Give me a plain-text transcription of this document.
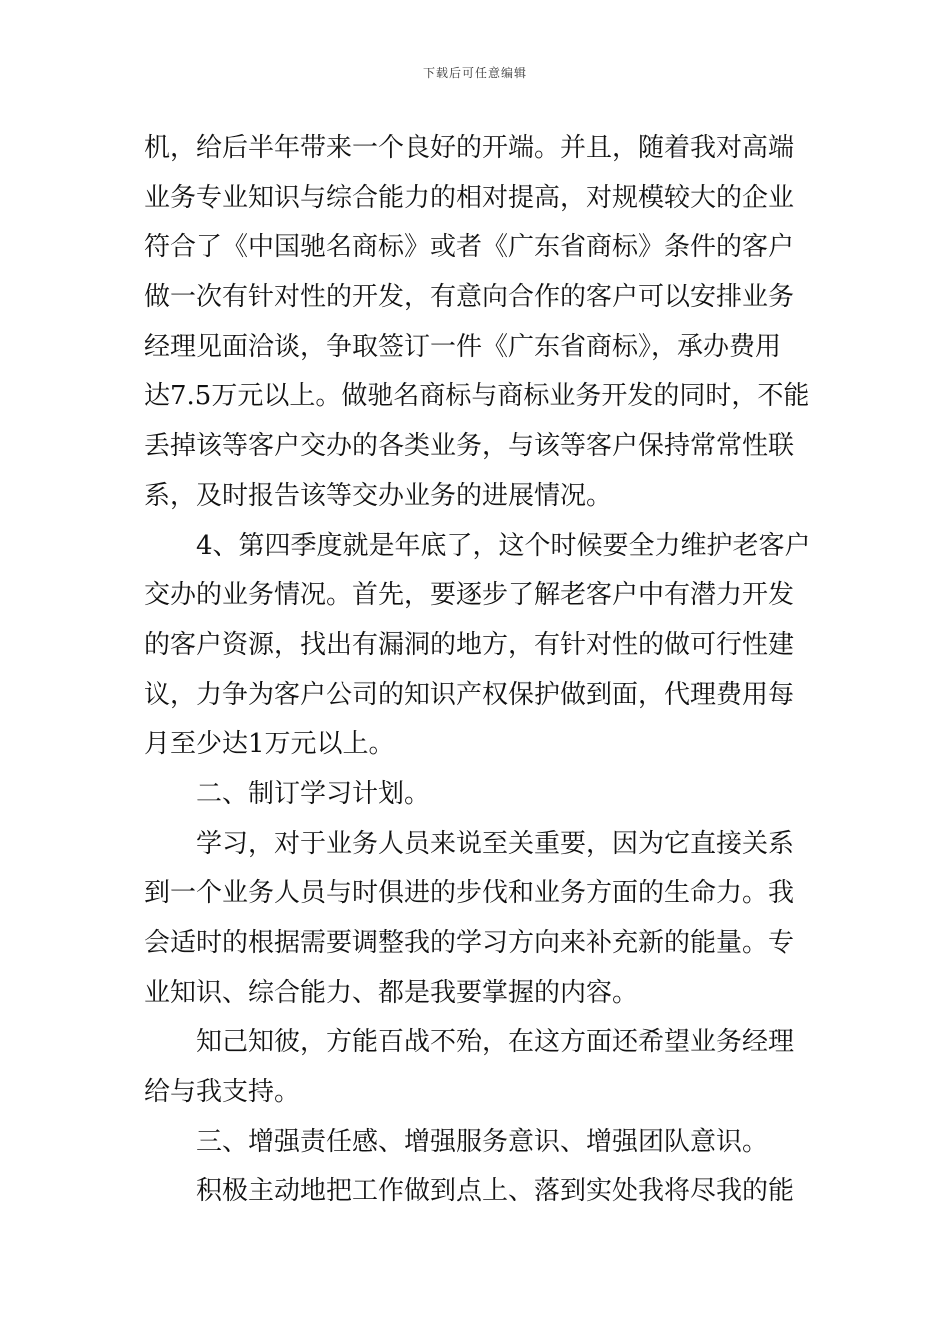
下载后可任意编辑
机，给后半年带来一个良好的开端。并且，随着我对高端
业务专业知识与综合能力的相对提高，对规模较大的企业
符合了《中国驰名商标》或者《广东省商标》条件的客户
做一次有针对性的开发，有意向合作的客户可以安排业务
经理见面洽谈，争取签订一件《广东省商标》，承办费用
达7.5万元以上。做驰名商标与商标业务开发的同时，不能
丢掉该等客户交办的各类业务，与该等客户保持常常性联
系，及时报告该等交办业务的进展情况。
4、第四季度就是年底了，这个时候要全力维护老客户
交办的业务情况。首先，要逐步了解老客户中有潜力开发
的客户资源，找出有漏洞的地方，有针对性的做可行性建
议，力争为客户公司的知识产权保护做到面，代理费用每
月至少达1万元以上。
二、制订学习计划。
学习，对于业务人员来说至关重要，因为它直接关系
到一个业务人员与时俱进的步伐和业务方面的生命力。我
会适时的根据需要调整我的学习方向来补充新的能量。专
业知识、综合能力、都是我要掌握的内容。
知己知彼，方能百战不殆，在这方面还希望业务经理
给与我支持。
三、增强责任感、增强服务意识、增强团队意识。
积极主动地把工作做到点上、落到实处我将尽我的能
